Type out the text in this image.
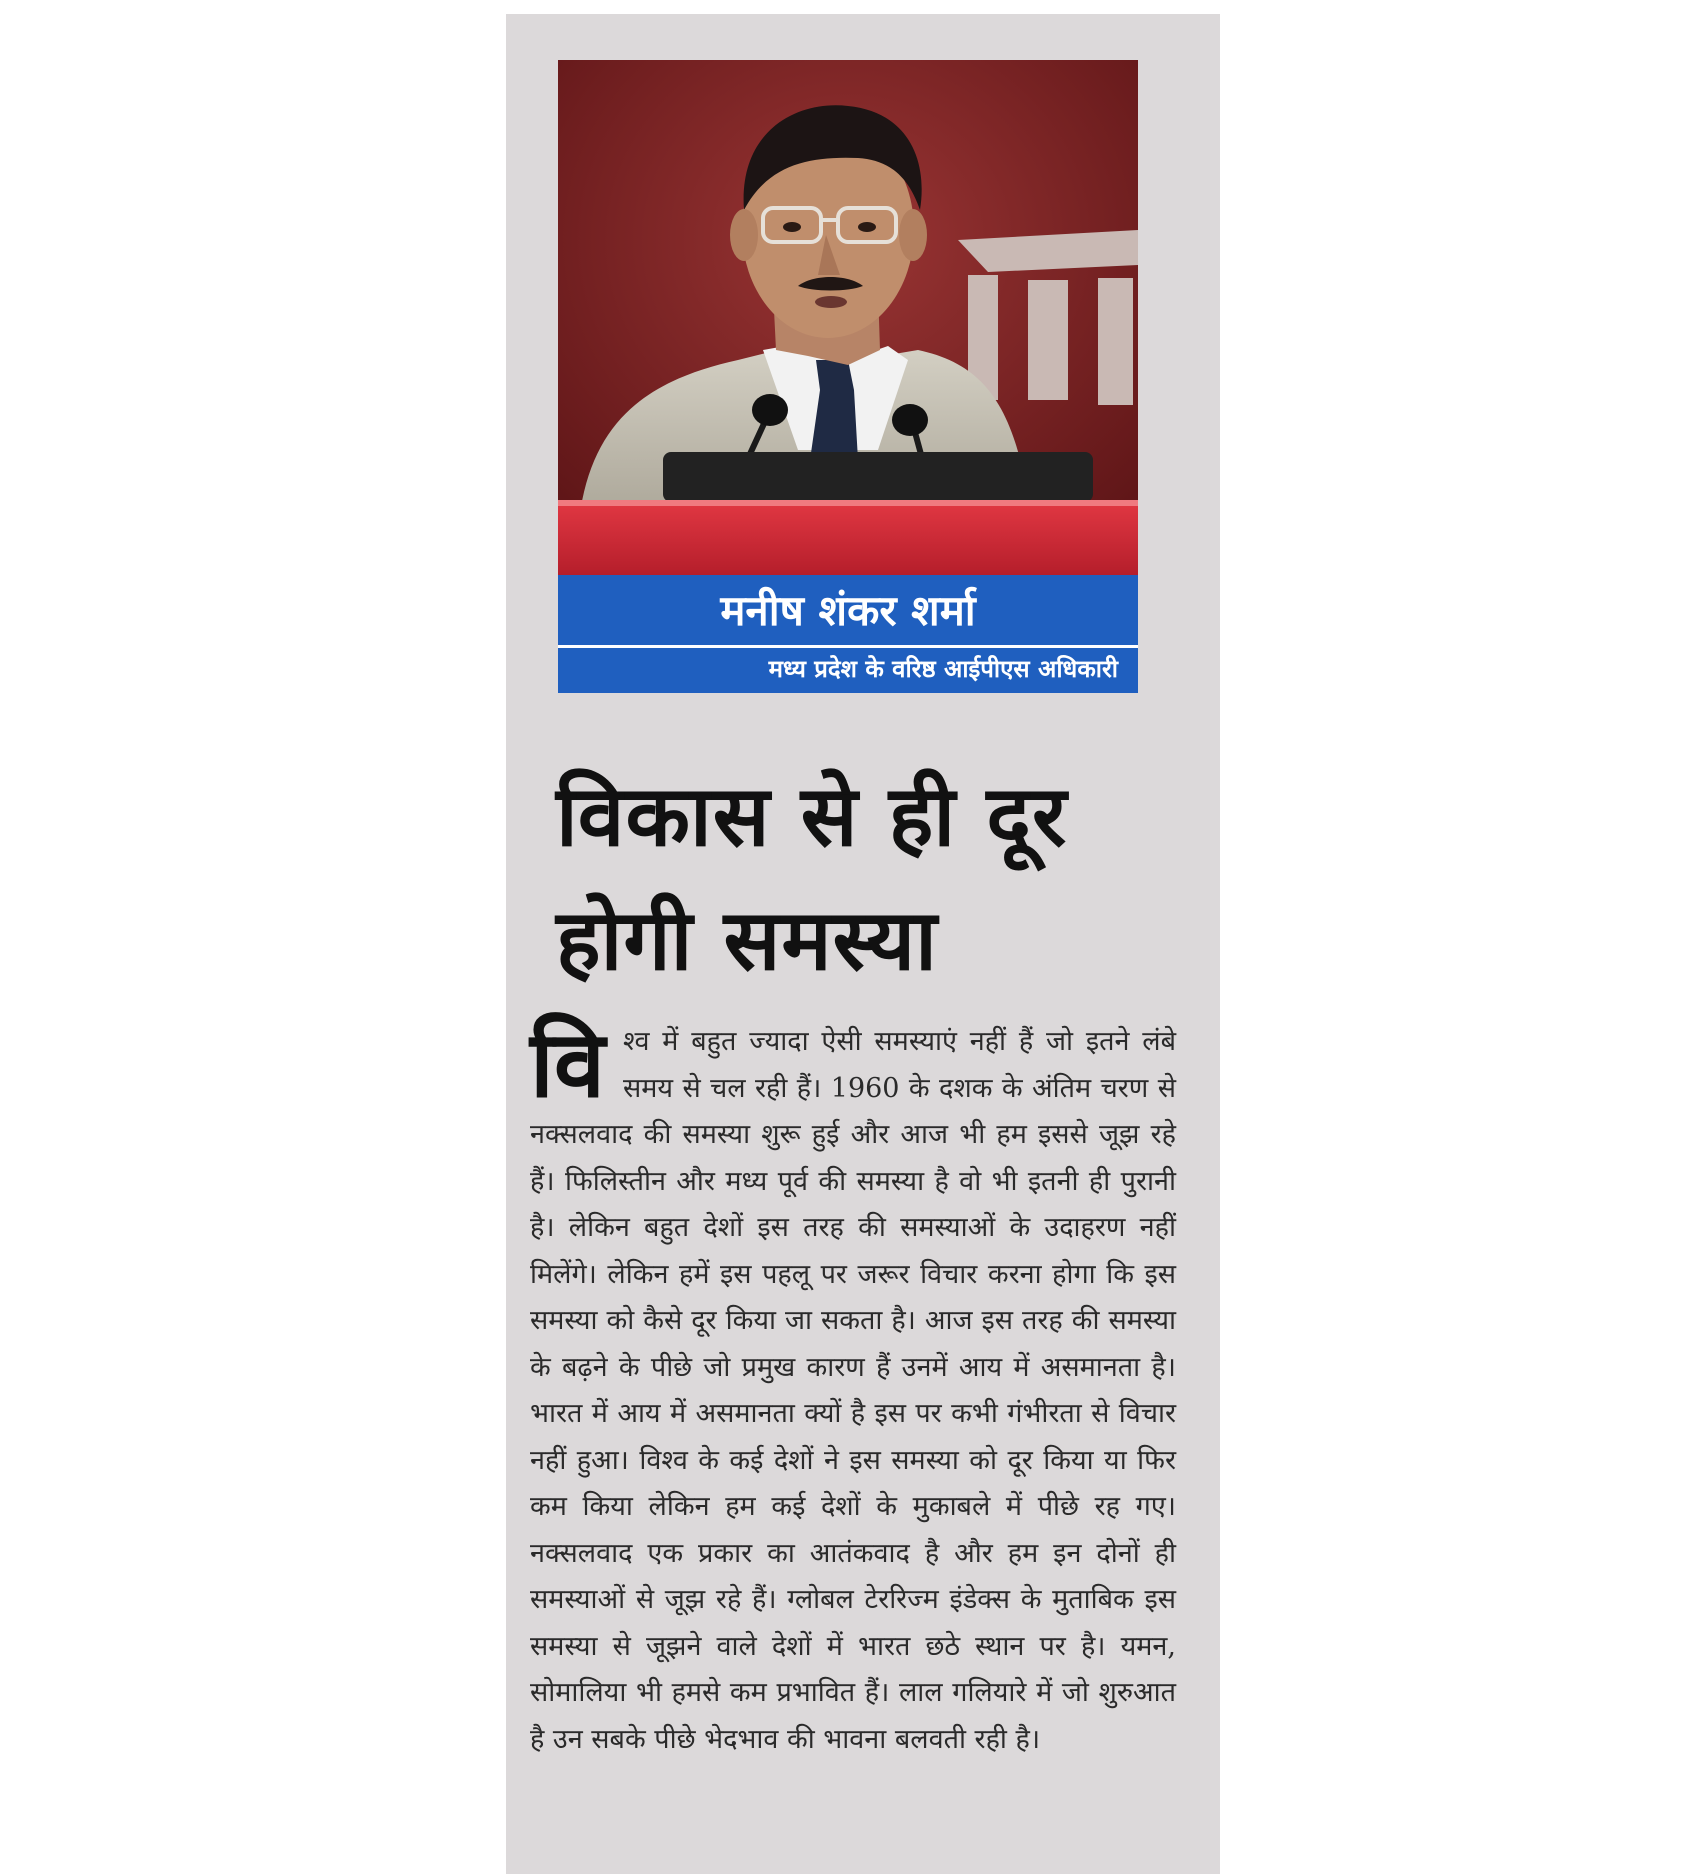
मनीष शंकर शर्मा
मध्य प्रदेश के वरिष्ठ आईपीएस अधिकारी
विकास से ही दूर होगी समस्या
वि श्व में बहुत ज्यादा ऐसी समस्याएं नहीं हैं जो इतने लंबे समय से चल रही हैं। 1960 के दशक के अंतिम चरण से नक्सलवाद की समस्या शुरू हुई और आज भी हम इससे जूझ रहे हैं। फिलिस्तीन और मध्य पूर्व की समस्या है वो भी इतनी ही पुरानी है। लेकिन बहुत देशों इस तरह की समस्याओं के उदाहरण नहीं मिलेंगे। लेकिन हमें इस पहलू पर जरूर विचार करना होगा कि इस समस्या को कैसे दूर किया जा सकता है। आज इस तरह की समस्या के बढ़ने के पीछे जो प्रमुख कारण हैं उनमें आय में असमानता है। भारत में आय में असमानता क्यों है इस पर कभी गंभीरता से विचार नहीं हुआ। विश्व के कई देशों ने इस समस्या को दूर किया या फिर कम किया लेकिन हम कई देशों के मुकाबले में पीछे रह गए। नक्सलवाद एक प्रकार का आतंकवाद है और हम इन दोनों ही समस्याओं से जूझ रहे हैं। ग्लोबल टेररिज्म इंडेक्स के मुताबिक इस समस्या से जूझने वाले देशों में भारत छठे स्थान पर है। यमन, सोमालिया भी हमसे कम प्रभावित हैं। लाल गलियारे में जो शुरुआत है उन सबके पीछे भेदभाव की भावना बलवती रही है।
